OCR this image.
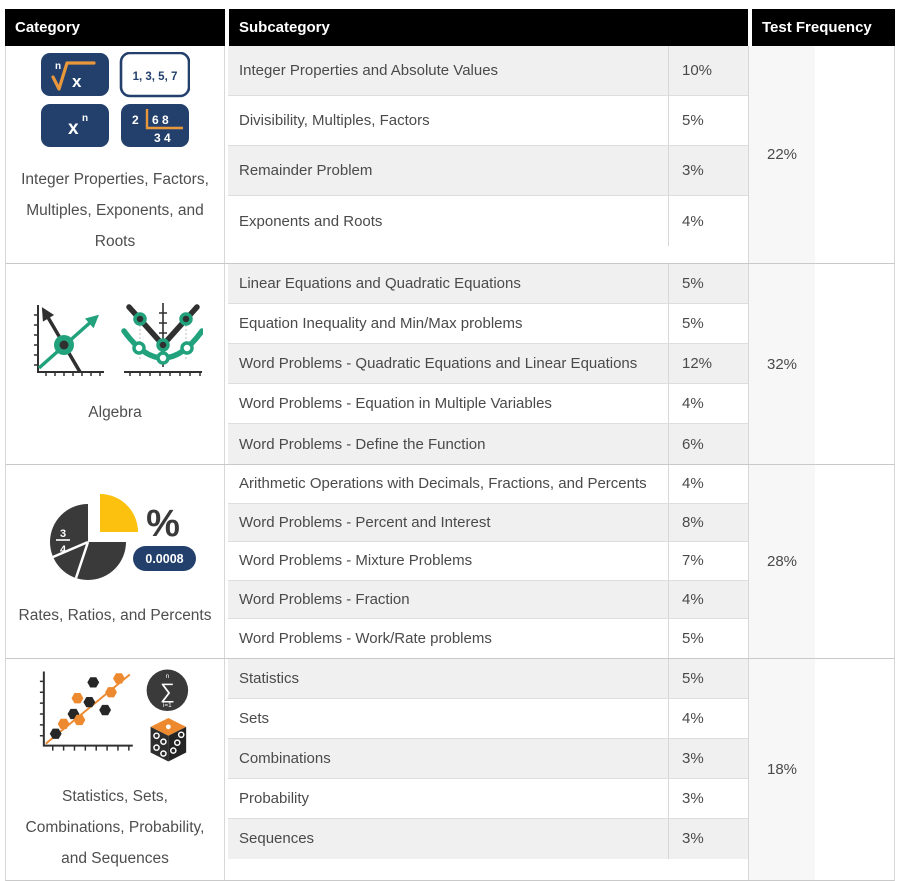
Category	Subcategory	Test Frequency
n
x	1, 3, 5, 7
x n	2 6 8
3 4
Integer Properties, Factors, Multiples, Exponents, and Roots
Integer Properties and Absolute Values	10%
Divisibility, Multiples, Factors	5%
Remainder Problem	3%
Exponents and Roots	4%
22%
Algebra
Linear Equations and Quadratic Equations	5%
Equation Inequality and Min/Max problems	5%
Word Problems - Quadratic Equations and Linear Equations	12%
Word Problems - Equation in Multiple Variables	4%
Word Problems - Define the Function	6%
32%
3
4
%
0.0008
Rates, Ratios, and Percents
Arithmetic Operations with Decimals, Fractions, and Percents	4%
Word Problems - Percent and Interest	8%
Word Problems - Mixture Problems	7%
Word Problems - Fraction	4%
Word Problems - Work/Rate problems	5%
28%
n
∑
i=1
Statistics, Sets, Combinations, Probability, and Sequences
Statistics	5%
Sets	4%
Combinations	3%
Probability	3%
Sequences	3%
18%
